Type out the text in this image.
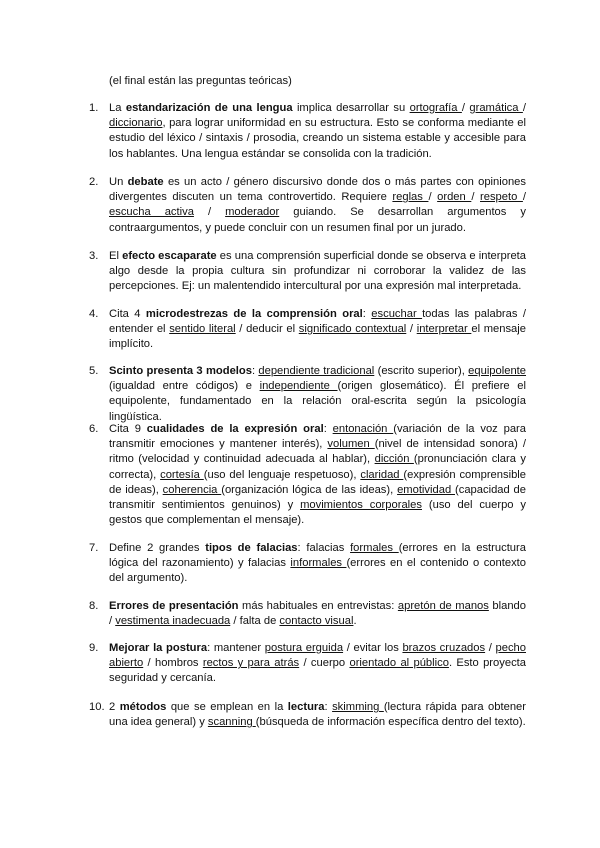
(el final están las preguntas teóricas)
1. La estandarización de una lengua implica desarrollar su ortografía / gramática / diccionario, para lograr uniformidad en su estructura. Esto se conforma mediante el estudio del léxico / sintaxis / prosodia, creando un sistema estable y accesible para los hablantes. Una lengua estándar se consolida con la tradición.
2. Un debate es un acto / género discursivo donde dos o más partes con opiniones divergentes discuten un tema controvertido. Requiere reglas / orden / respeto / escucha activa / moderador guiando. Se desarrollan argumentos y contraargumentos, y puede concluir con un resumen final por un jurado.
3. El efecto escaparate es una comprensión superficial donde se observa e interpreta algo desde la propia cultura sin profundizar ni corroborar la validez de las percepciones. Ej: un malentendido intercultural por una expresión mal interpretada.
4. Cita 4 microdestrezas de la comprensión oral: escuchar todas las palabras / entender el sentido literal / deducir el significado contextual / interpretar el mensaje implícito.
5. Scinto presenta 3 modelos: dependiente tradicional (escrito superior), equipolente (igualdad entre códigos) e independiente (origen glosemático). Él prefiere el equipolente, fundamentado en la relación oral-escrita según la psicología lingüística.
6. Cita 9 cualidades de la expresión oral: entonación (variación de la voz para transmitir emociones y mantener interés), volumen (nivel de intensidad sonora) / ritmo (velocidad y continuidad adecuada al hablar), dicción (pronunciación clara y correcta), cortesía (uso del lenguaje respetuoso), claridad (expresión comprensible de ideas), coherencia (organización lógica de las ideas), emotividad (capacidad de transmitir sentimientos genuinos) y movimientos corporales (uso del cuerpo y gestos que complementan el mensaje).
7. Define 2 grandes tipos de falacias: falacias formales (errores en la estructura lógica del razonamiento) y falacias informales (errores en el contenido o contexto del argumento).
8. Errores de presentación más habituales en entrevistas: apretón de manos blando / vestimenta inadecuada / falta de contacto visual.
9. Mejorar la postura: mantener postura erguida / evitar los brazos cruzados / pecho abierto / hombros rectos y para atrás / cuerpo orientado al público. Esto proyecta seguridad y cercanía.
10. 2 métodos que se emplean en la lectura: skimming (lectura rápida para obtener una idea general) y scanning (búsqueda de información específica dentro del texto).
